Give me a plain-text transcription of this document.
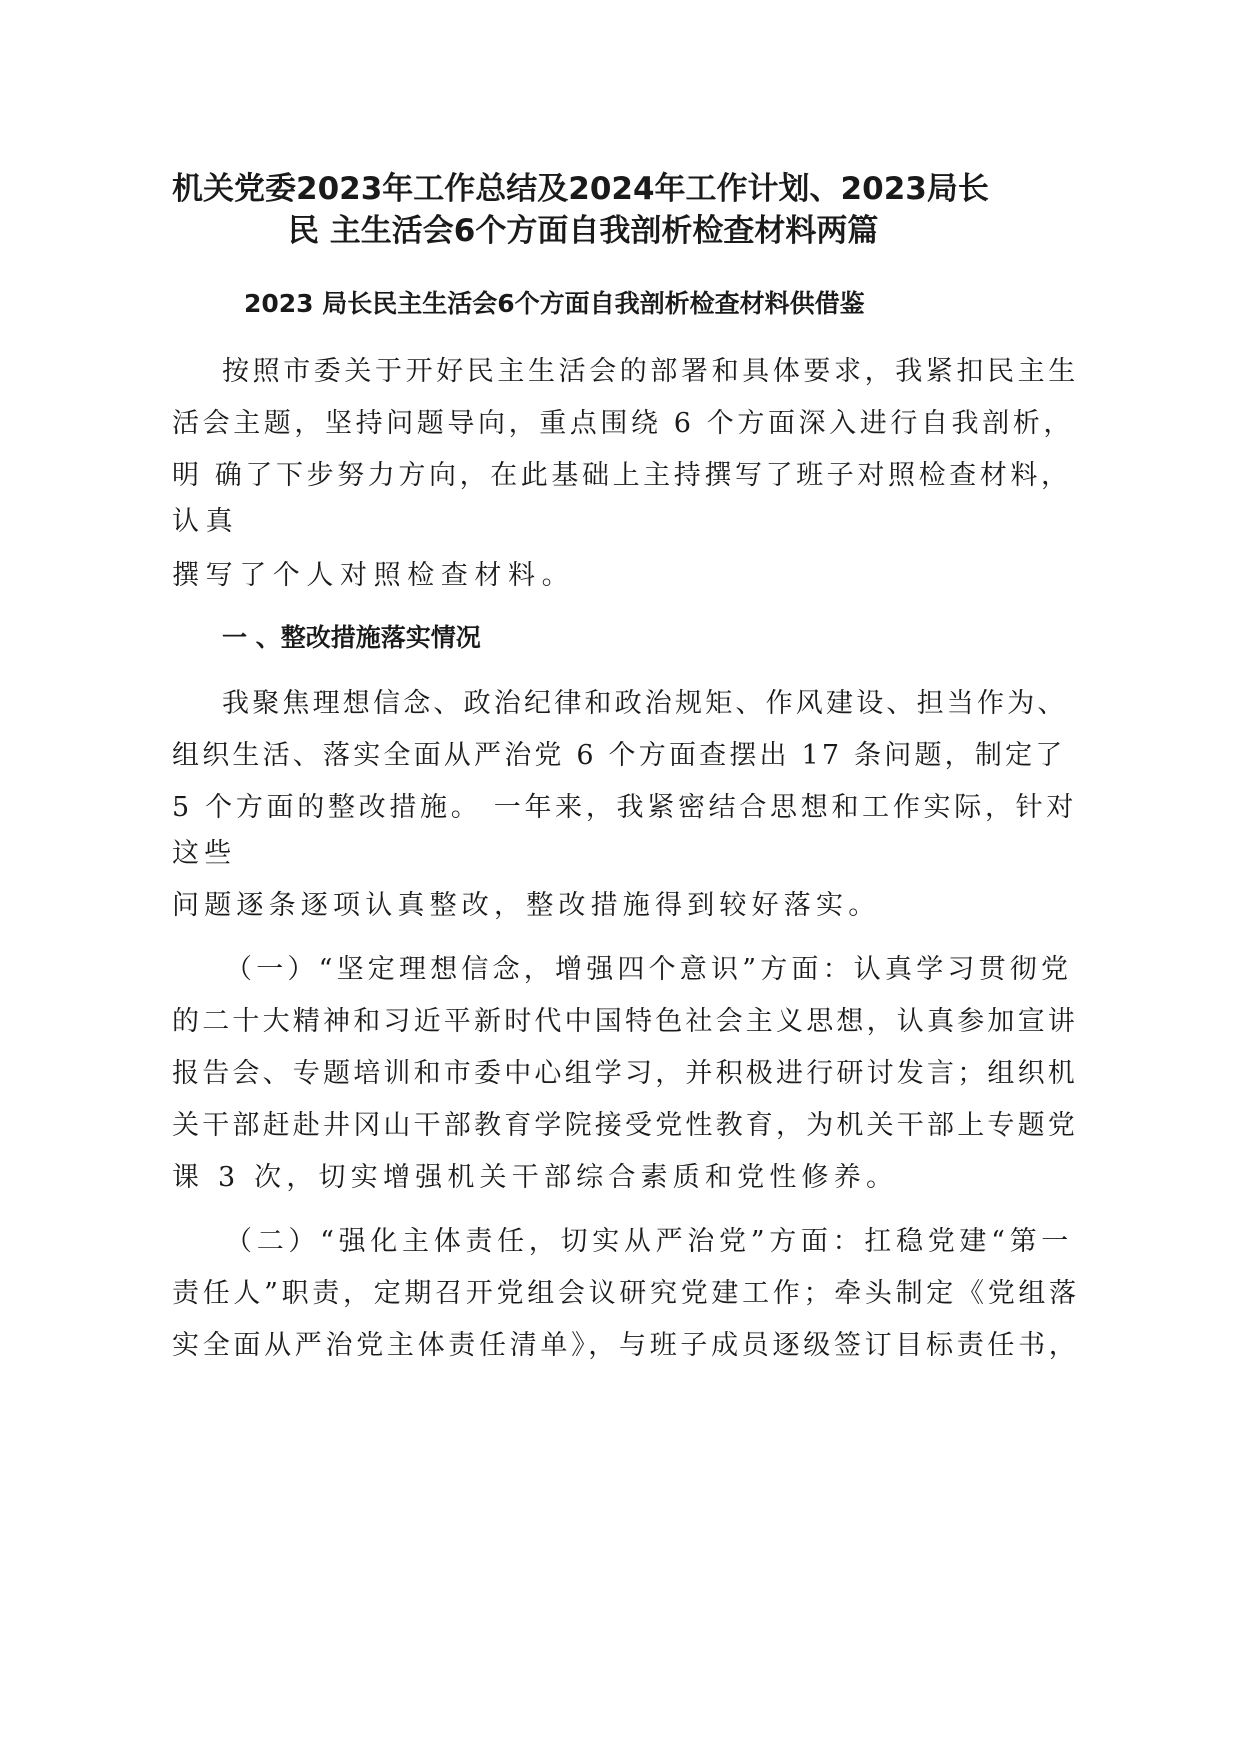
机关党委2023年工作总结及2024年工作计划、2023局长
民 主生活会6个方面自我剖析检查材料两篇
2023 局长民主生活会6个方面自我剖析检查材料供借鉴
按照市委关于开好民主生活会的部署和具体要求，我紧扣民主生
活会主题，坚持问题导向，重点围绕 6 个方面深入进行自我剖析，
明 确了下步努力方向，在此基础上主持撰写了班子对照检查材料，
认真
撰写了个人对照检查材料。
一 、整改措施落实情况
我聚焦理想信念、政治纪律和政治规矩、作风建设、担当作为、
组织生活、落实全面从严治党 6 个方面查摆出 17 条问题，制定了
5 个方面的整改措施。 一年来，我紧密结合思想和工作实际，针对
这些
问题逐条逐项认真整改，整改措施得到较好落实。
（一）“坚定理想信念，增强四个意识”方面：认真学习贯彻党
的二十大精神和习近平新时代中国特色社会主义思想，认真参加宣讲
报告会、专题培训和市委中心组学习，并积极进行研讨发言；组织机
关干部赶赴井冈山干部教育学院接受党性教育，为机关干部上专题党
课 3 次，切实增强机关干部综合素质和党性修养。
（二）“强化主体责任，切实从严治党”方面：扛稳党建“第一
责任人”职责，定期召开党组会议研究党建工作；牵头制定《党组落
实全面从严治党主体责任清单》，与班子成员逐级签订目标责任书，
